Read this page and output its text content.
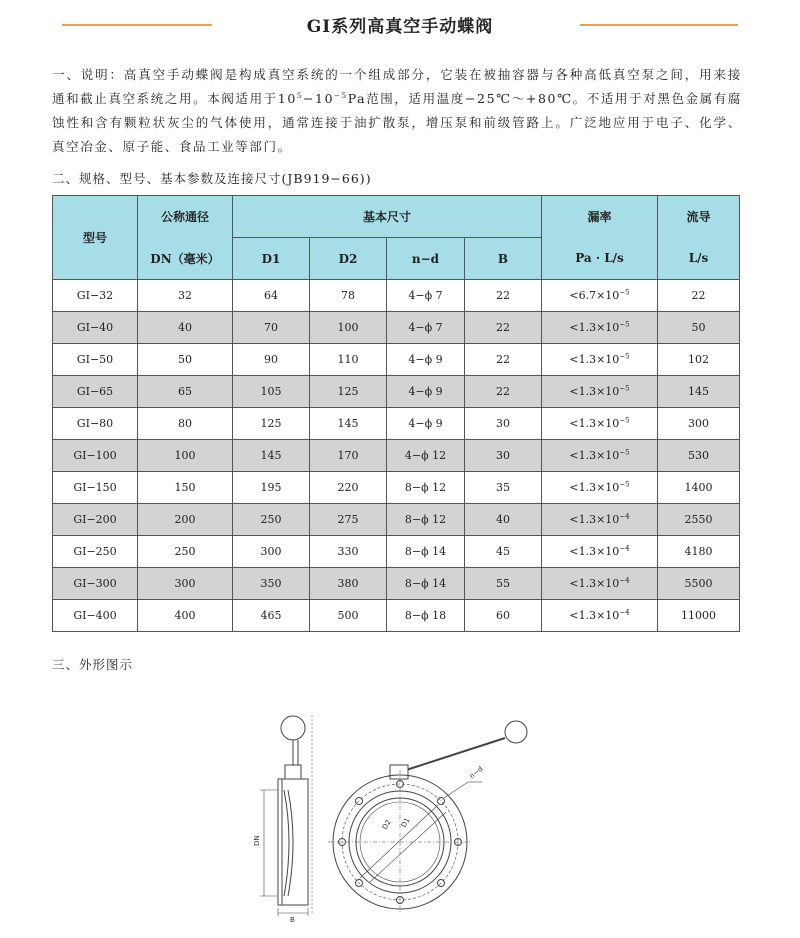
GI系列高真空手动蝶阀
一、说明：高真空手动蝶阀是构成真空系统的一个组成部分，它装在被抽容器与各种高低真空泵之间，用来接通和截止真空系统之用。本阀适用于$10^5-10^{-5}Pa$范围，适用温度−25℃～+80℃。不适用于对黑色金属有腐蚀性和含有颗粒状灰尘的气体使用，通常连接于油扩散泵，增压泵和前级管路上。广泛地应用于电子、化学、真空冶金、原子能、食品工业等部门。
二、规格、型号、基本参数及连接尺寸(JB919−66))
型号	公称通径	基本尺寸				漏率	流导
	DN（毫米）	D1	D2	n−d	B	Pa · L/s	L/s
GI−32	32	64	78	4−ϕ 7	22	$<6.7\times 10^{-5}$	22
GI−40	40	70	100	4−ϕ 7	22	$<1.3\times 10^{-5}$	50
GI−50	50	90	110	4−ϕ 9	22	$<1.3\times 10^{-5}$	102
GI−65	65	105	125	4−ϕ 9	22	$<1.3\times 10^{-5}$	145
GI−80	80	125	145	4−ϕ 9	30	$<1.3\times 10^{-5}$	300
GI−100	100	145	170	4−ϕ 12	30	$<1.3\times 10^{-5}$	530
GI−150	150	195	220	8−ϕ 12	35	$<1.3\times 10^{-5}$	1400
GI−200	200	250	275	8−ϕ 12	40	$<1.3\times 10^{-4}$	2550
GI−250	250	300	330	8−ϕ 14	45	$<1.3\times 10^{-4}$	4180
GI−300	300	350	380	8−ϕ 14	55	$<1.3\times 10^{-4}$	5500
GI−400	400	465	500	8−ϕ 18	60	$<1.3\times 10^{-4}$	11000
三、外形图示
DN
B
D2 D1
n−d
